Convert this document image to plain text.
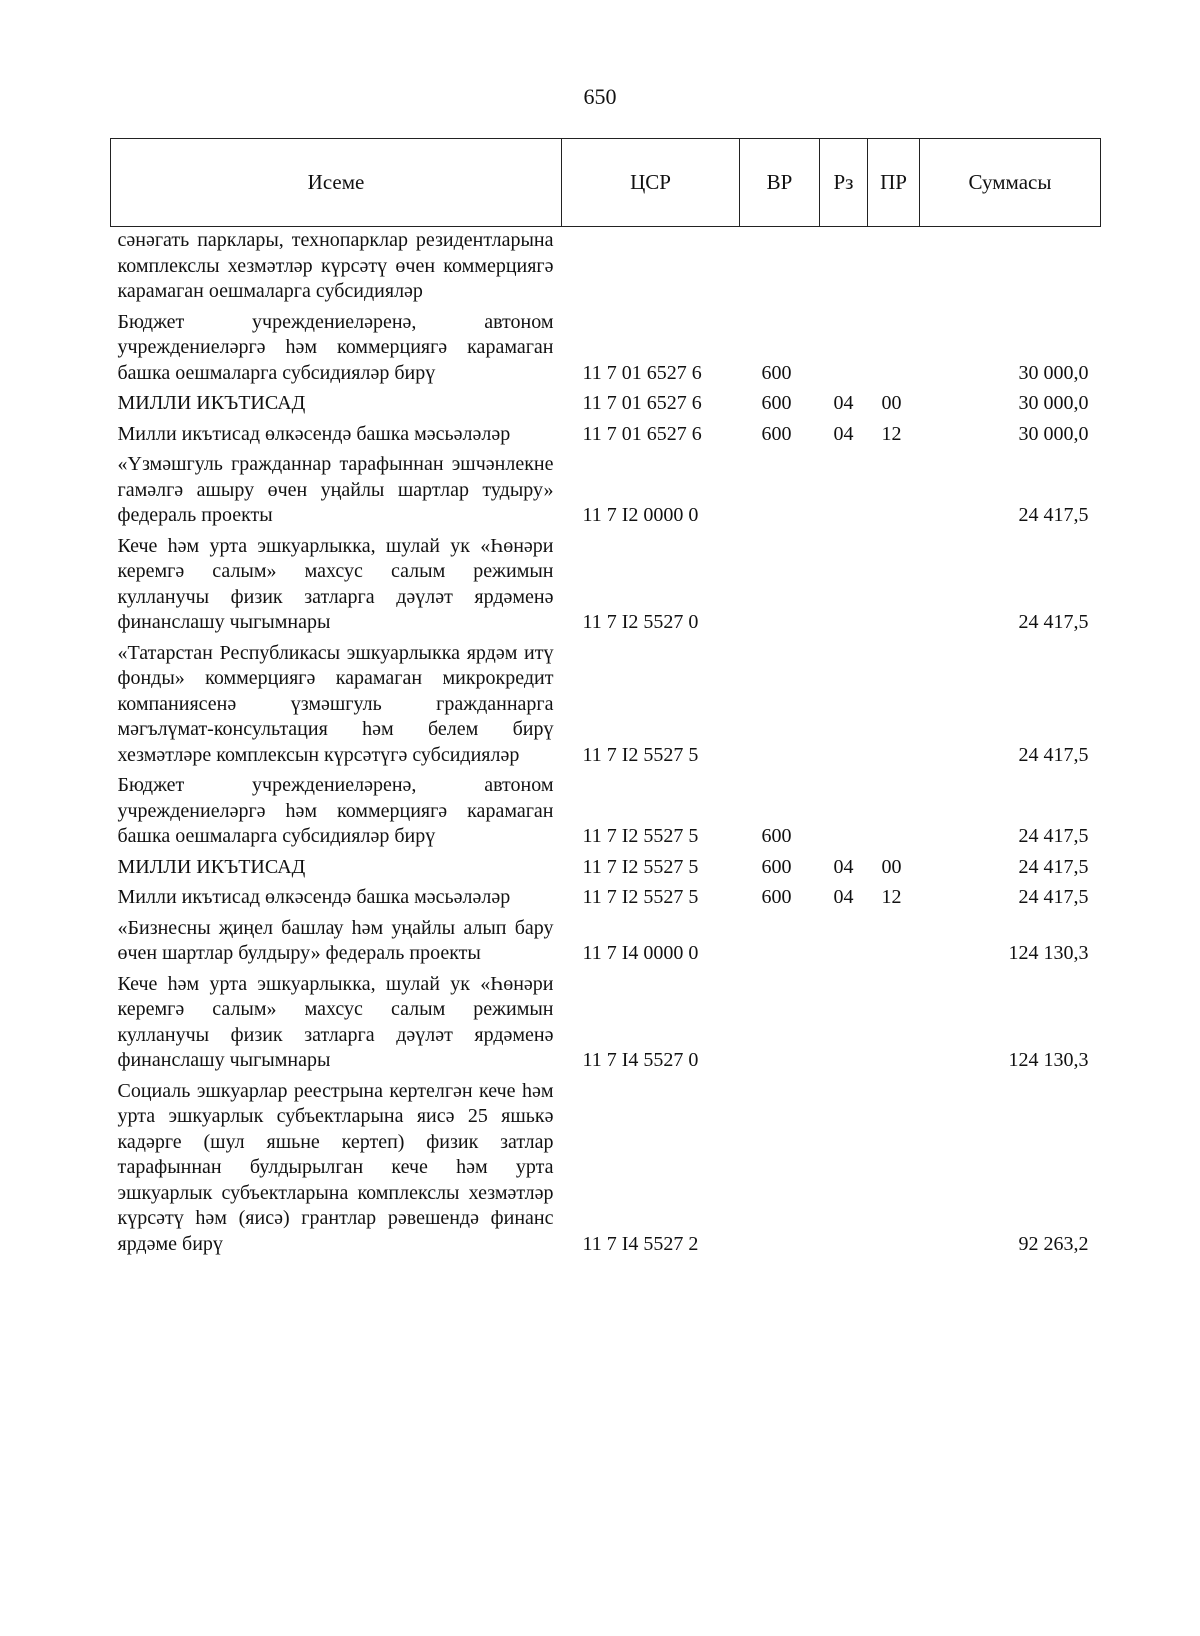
650
Исеме	ЦСР	ВР	Рз	ПР	Суммасы
сәнәгать парклары, технопарклар резидентларына комплекслы хезмәтләр күрсәтү өчен коммерциягә карамаган оешмаларга субсидияләр					
Бюджет учреждениеләренә, автоном учреждениеләргә һәм коммерциягә карамаган башка оешмаларга субсидияләр бирү	11 7 01 6527 6	600			30 000,0
МИЛЛИ ИКЪТИСАД	11 7 01 6527 6	600	04	00	30 000,0
Милли икътисад өлкәсендә башка мәсьәләләр	11 7 01 6527 6	600	04	12	30 000,0
«Үзмәшгуль гражданнар тарафыннан эшчәнлекне гамәлгә ашыру өчен уңайлы шартлар тудыру» федераль проекты	11 7 I2 0000 0				24 417,5
Кече һәм урта эшкуарлыкка, шулай ук «Һөнәри керемгә салым» махсус салым режимын кулланучы физик затларга дәүләт ярдәменә финанслашу чыгымнары	11 7 I2 5527 0				24 417,5
«Татарстан Республикасы эшкуарлыкка ярдәм итү фонды» коммерциягә карамаган микрокредит компаниясенә үзмәшгуль гражданнарга мәгълүмат-консультация һәм белем бирү хезмәтләре комплексын күрсәтүгә субсидияләр	11 7 I2 5527 5				24 417,5
Бюджет учреждениеләренә, автоном учреждениеләргә һәм коммерциягә карамаган башка оешмаларга субсидияләр бирү	11 7 I2 5527 5	600			24 417,5
МИЛЛИ ИКЪТИСАД	11 7 I2 5527 5	600	04	00	24 417,5
Милли икътисад өлкәсендә башка мәсьәләләр	11 7 I2 5527 5	600	04	12	24 417,5
«Бизнесны җиңел башлау һәм уңайлы алып бару өчен шартлар булдыру» федераль проекты	11 7 I4 0000 0				124 130,3
Кече һәм урта эшкуарлыкка, шулай ук «Һөнәри керемгә салым» махсус салым режимын кулланучы физик затларга дәүләт ярдәменә финанслашу чыгымнары	11 7 I4 5527 0				124 130,3
Социаль эшкуарлар реестрына кертелгән кече һәм урта эшкуарлык субъектларына яисә 25 яшькә кадәрге (шул яшьне кертеп) физик затлар тарафыннан булдырылган кече һәм урта эшкуарлык субъектларына комплекслы хезмәтләр күрсәтү һәм (яисә) грантлар рәвешендә финанс ярдәме бирү	11 7 I4 5527 2				92 263,2
